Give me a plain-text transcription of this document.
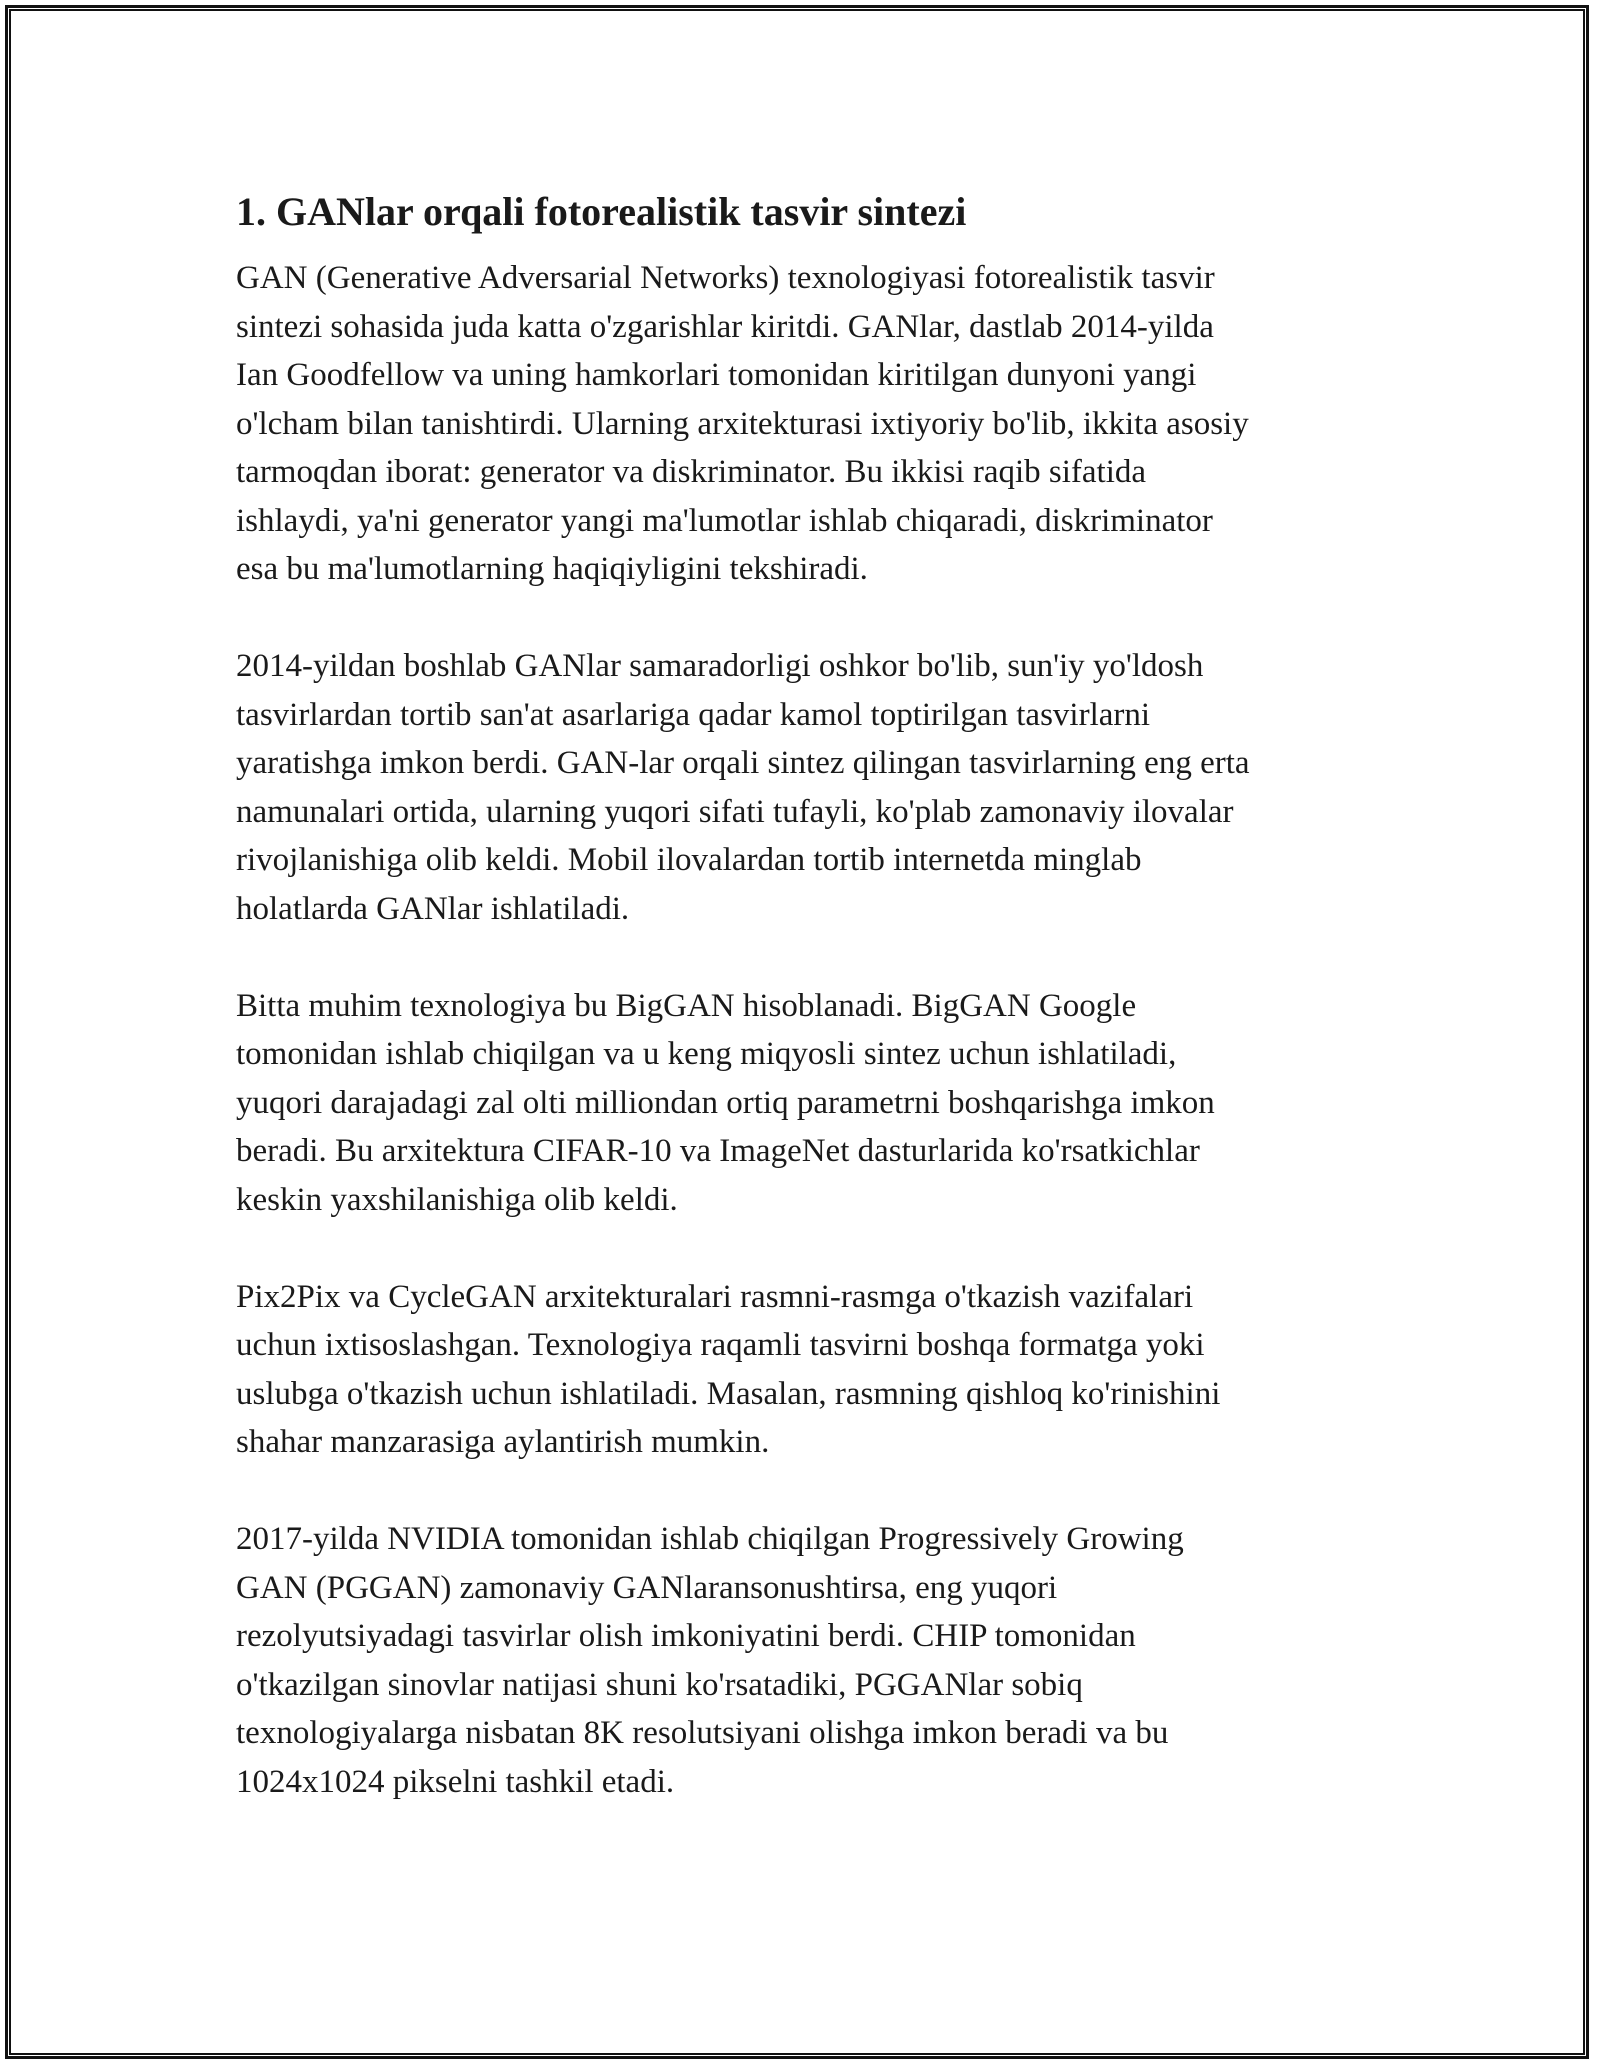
1. GANlar orqali fotorealistik tasvir sintezi

GAN (Generative Adversarial Networks) texnologiyasi fotorealistik tasvir
sintezi sohasida juda katta o'zgarishlar kiritdi. GANlar, dastlab 2014-yilda
Ian Goodfellow va uning hamkorlari tomonidan kiritilgan dunyoni yangi
o'lcham bilan tanishtirdi. Ularning arxitekturasi ixtiyoriy bo'lib, ikkita asosiy
tarmoqdan iborat: generator va diskriminator. Bu ikkisi raqib sifatida
ishlaydi, ya'ni generator yangi ma'lumotlar ishlab chiqaradi, diskriminator
esa bu ma'lumotlarning haqiqiyligini tekshiradi.

2014-yildan boshlab GANlar samaradorligi oshkor bo'lib, sun'iy yo'ldosh
tasvirlardan tortib san'at asarlariga qadar kamol toptirilgan tasvirlarni
yaratishga imkon berdi. GAN-lar orqali sintez qilingan tasvirlarning eng erta
namunalari ortida, ularning yuqori sifati tufayli, ko'plab zamonaviy ilovalar
rivojlanishiga olib keldi. Mobil ilovalardan tortib internetda minglab
holatlarda GANlar ishlatiladi.

Bitta muhim texnologiya bu BigGAN hisoblanadi. BigGAN Google
tomonidan ishlab chiqilgan va u keng miqyosli sintez uchun ishlatiladi,
yuqori darajadagi zal olti milliondan ortiq parametrni boshqarishga imkon
beradi. Bu arxitektura CIFAR-10 va ImageNet dasturlarida ko'rsatkichlar
keskin yaxshilanishiga olib keldi.

Pix2Pix va CycleGAN arxitekturalari rasmni-rasmga o'tkazish vazifalari
uchun ixtisoslashgan. Texnologiya raqamli tasvirni boshqa formatga yoki
uslubga o'tkazish uchun ishlatiladi. Masalan, rasmning qishloq ko'rinishini
shahar manzarasiga aylantirish mumkin.

2017-yilda NVIDIA tomonidan ishlab chiqilgan Progressively Growing
GAN (PGGAN) zamonaviy GANlaransonushtirsa, eng yuqori
rezolyutsiyadagi tasvirlar olish imkoniyatini berdi. CHIP tomonidan
o'tkazilgan sinovlar natijasi shuni ko'rsatadiki, PGGANlar sobiq
texnologiyalarga nisbatan 8K resolutsiyani olishga imkon beradi va bu
1024x1024 pikselni tashkil etadi.
